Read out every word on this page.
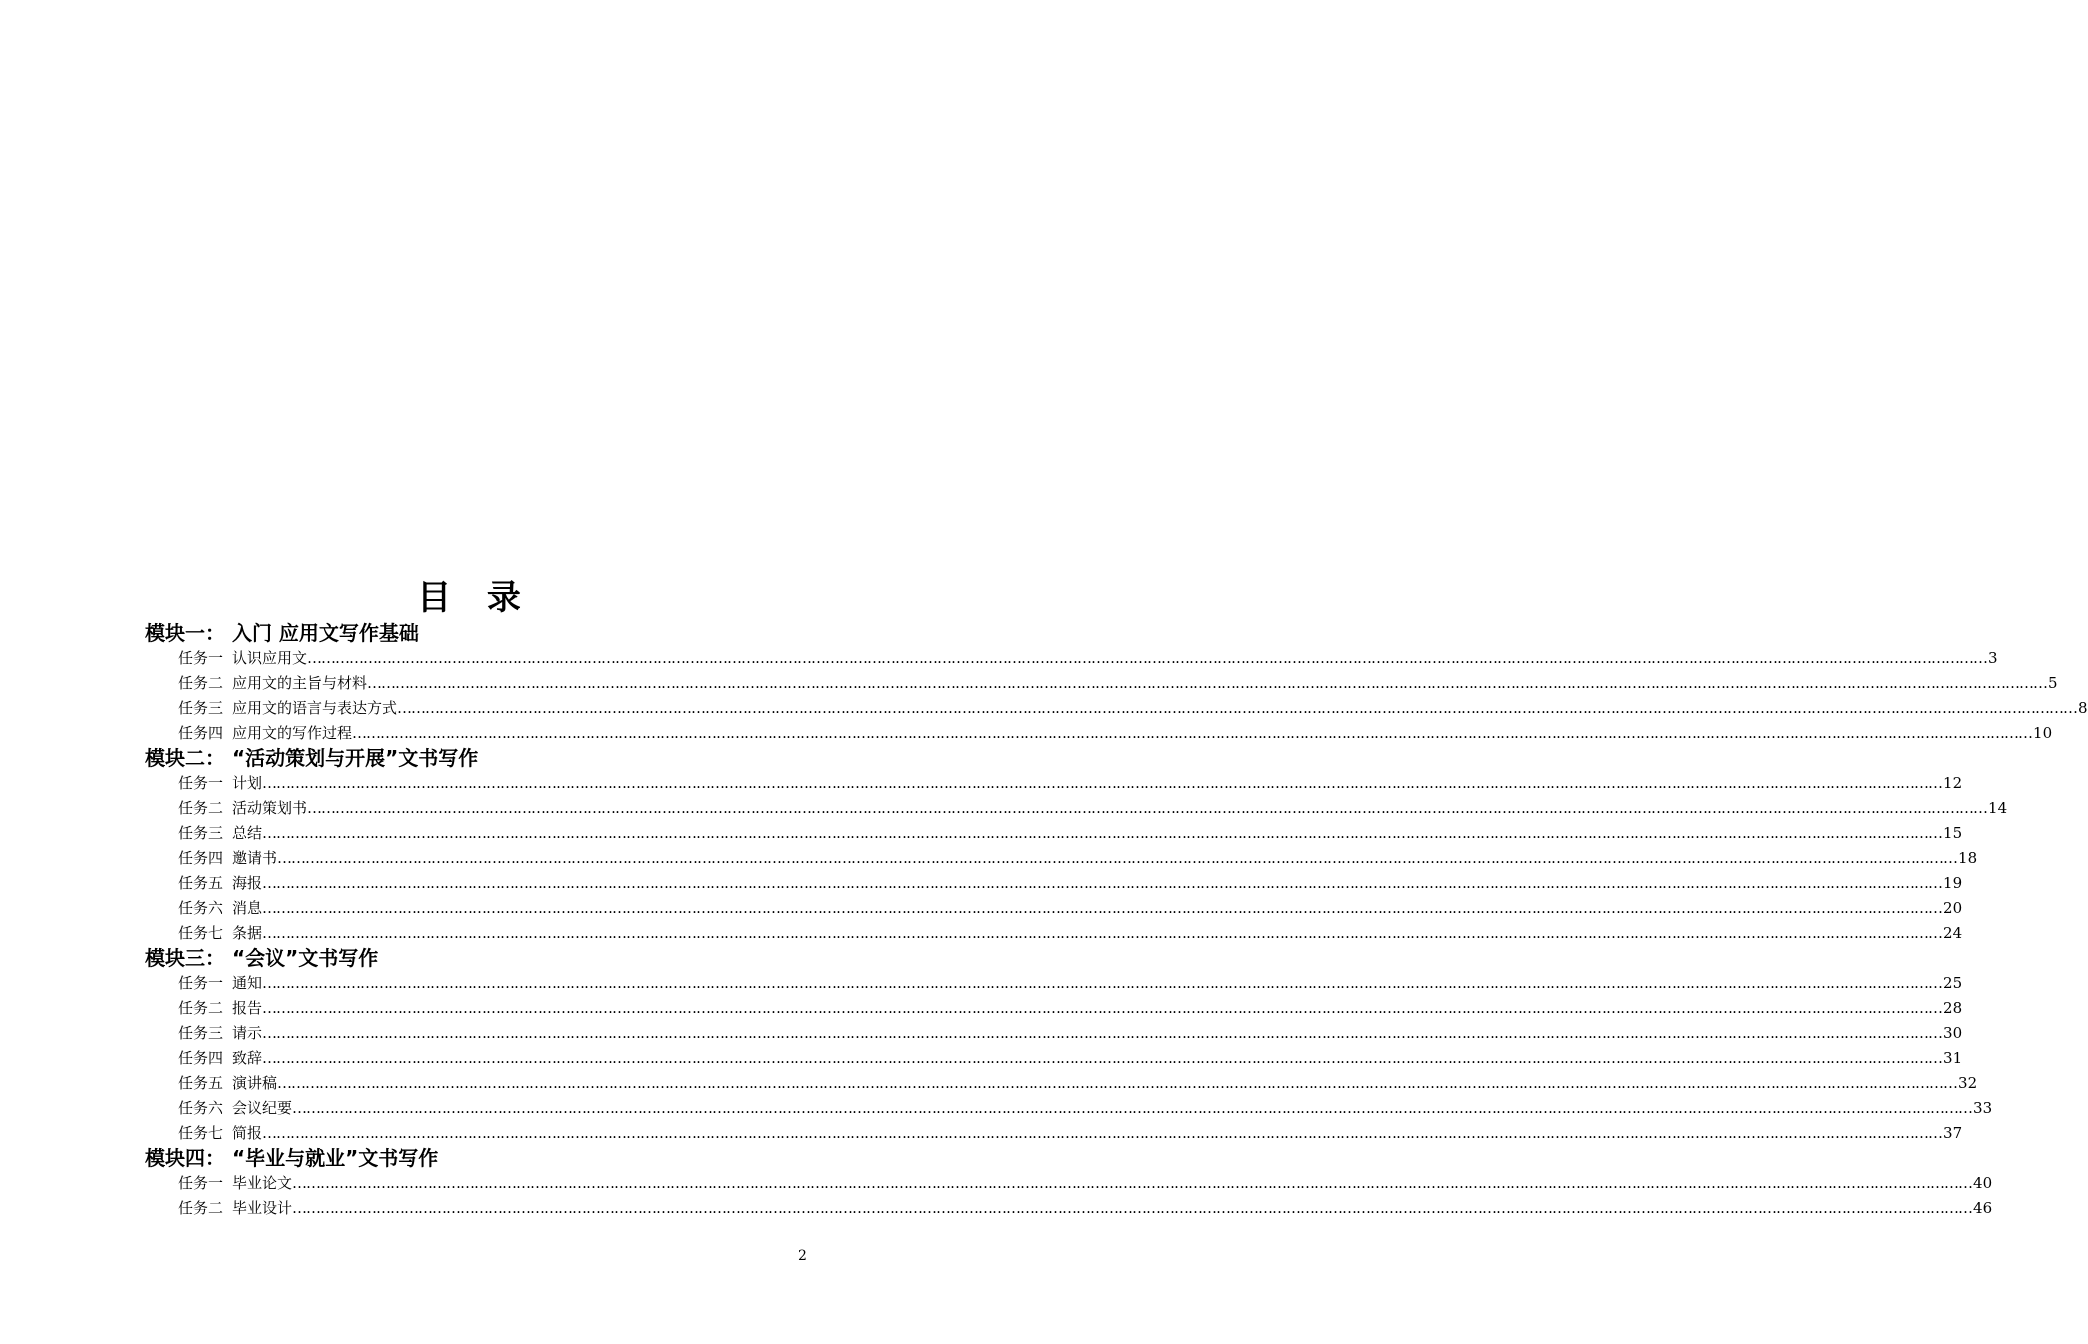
目 录
模块一： 入门 应用文写作基础
任务一 认识应用文 ……………………………………………………………………………………………………………………………………………………………………………………………………………………………………………………………………………………………………………………………… 3
任务二 应用文的主旨与材料 ……………………………………………………………………………………………………………………………………………………………………………………………………………………………………………………………………………………………………………………………… 5
任务三 应用文的语言与表达方式 ……………………………………………………………………………………………………………………………………………………………………………………………………………………………………………………………………………………………………………………………… 8
任务四 应用文的写作过程 ……………………………………………………………………………………………………………………………………………………………………………………………………………………………………………………………………………………………………………………………… 10
模块二： “活动策划与开展”文书写作
任务一 计划 ……………………………………………………………………………………………………………………………………………………………………………………………………………………………………………………………………………………………………………………………… 12
任务二 活动策划书 ……………………………………………………………………………………………………………………………………………………………………………………………………………………………………………………………………………………………………………………………… 14
任务三 总结 ……………………………………………………………………………………………………………………………………………………………………………………………………………………………………………………………………………………………………………………………… 15
任务四 邀请书 ……………………………………………………………………………………………………………………………………………………………………………………………………………………………………………………………………………………………………………………………… 18
任务五 海报 ……………………………………………………………………………………………………………………………………………………………………………………………………………………………………………………………………………………………………………………………… 19
任务六 消息 ……………………………………………………………………………………………………………………………………………………………………………………………………………………………………………………………………………………………………………………………… 20
任务七 条据 ……………………………………………………………………………………………………………………………………………………………………………………………………………………………………………………………………………………………………………………………… 24
模块三： “会议”文书写作
任务一 通知 ……………………………………………………………………………………………………………………………………………………………………………………………………………………………………………………………………………………………………………………………… 25
任务二 报告 ……………………………………………………………………………………………………………………………………………………………………………………………………………………………………………………………………………………………………………………………… 28
任务三 请示 ……………………………………………………………………………………………………………………………………………………………………………………………………………………………………………………………………………………………………………………………… 30
任务四 致辞 ……………………………………………………………………………………………………………………………………………………………………………………………………………………………………………………………………………………………………………………………… 31
任务五 演讲稿 ……………………………………………………………………………………………………………………………………………………………………………………………………………………………………………………………………………………………………………………………… 32
任务六 会议纪要 ……………………………………………………………………………………………………………………………………………………………………………………………………………………………………………………………………………………………………………………………… 33
任务七 简报 ……………………………………………………………………………………………………………………………………………………………………………………………………………………………………………………………………………………………………………………………… 37
模块四： “毕业与就业”文书写作
任务一 毕业论文 ……………………………………………………………………………………………………………………………………………………………………………………………………………………………………………………………………………………………………………………………… 40
任务二 毕业设计 ……………………………………………………………………………………………………………………………………………………………………………………………………………………………………………………………………………………………………………………………… 46
2
